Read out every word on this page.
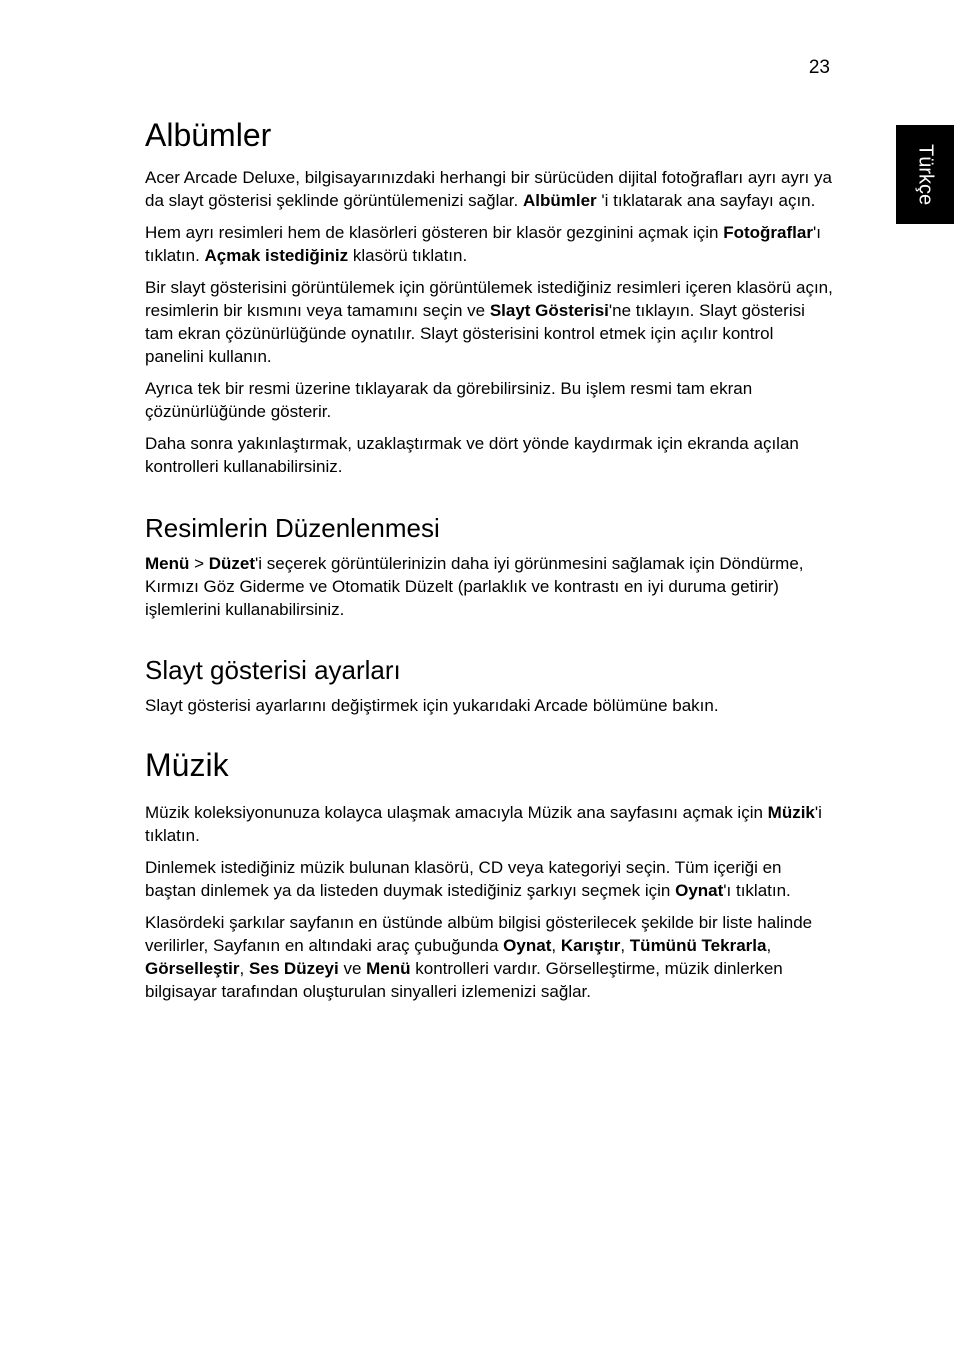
23
Türkçe
Albümler

Acer Arcade Deluxe, bilgisayarınızdaki herhangi bir sürücüden dijital fotoğrafları ayrı ayrı ya da slayt gösterisi şeklinde görüntülemenizi sağlar. Albümler 'i tıklatarak ana sayfayı açın.

Hem ayrı resimleri hem de klasörleri gösteren bir klasör gezginini açmak için Fotoğraflar'ı tıklatın. Açmak istediğiniz klasörü tıklatın.

Bir slayt gösterisini görüntülemek için görüntülemek istediğiniz resimleri içeren klasörü açın, resimlerin bir kısmını veya tamamını seçin ve Slayt Gösterisi'ne tıklayın. Slayt gösterisi tam ekran çözünürlüğünde oynatılır. Slayt gösterisini kontrol etmek için açılır kontrol panelini kullanın.

Ayrıca tek bir resmi üzerine tıklayarak da görebilirsiniz. Bu işlem resmi tam ekran çözünürlüğünde gösterir.

Daha sonra yakınlaştırmak, uzaklaştırmak ve dört yönde kaydırmak için ekranda açılan kontrolleri kullanabilirsiniz.

Resimlerin Düzenlenmesi

Menü > Düzet'i seçerek görüntülerinizin daha iyi görünmesini sağlamak için Döndürme, Kırmızı Göz Giderme ve Otomatik Düzelt (parlaklık ve kontrastı en iyi duruma getirir) işlemlerini kullanabilirsiniz.

Slayt gösterisi ayarları

Slayt gösterisi ayarlarını değiştirmek için yukarıdaki Arcade bölümüne bakın.

Müzik

Müzik koleksiyonunuza kolayca ulaşmak amacıyla Müzik ana sayfasını açmak için Müzik'i tıklatın.

Dinlemek istediğiniz müzik bulunan klasörü, CD veya kategoriyi seçin. Tüm içeriği en baştan dinlemek ya da listeden duymak istediğiniz şarkıyı seçmek için Oynat'ı tıklatın.

Klasördeki şarkılar sayfanın en üstünde albüm bilgisi gösterilecek şekilde bir liste halinde verilirler, Sayfanın en altındaki araç çubuğunda Oynat, Karıştır, Tümünü Tekrarla, Görselleştir, Ses Düzeyi ve Menü kontrolleri vardır. Görselleştirme, müzik dinlerken bilgisayar tarafından oluşturulan sinyalleri izlemenizi sağlar.
